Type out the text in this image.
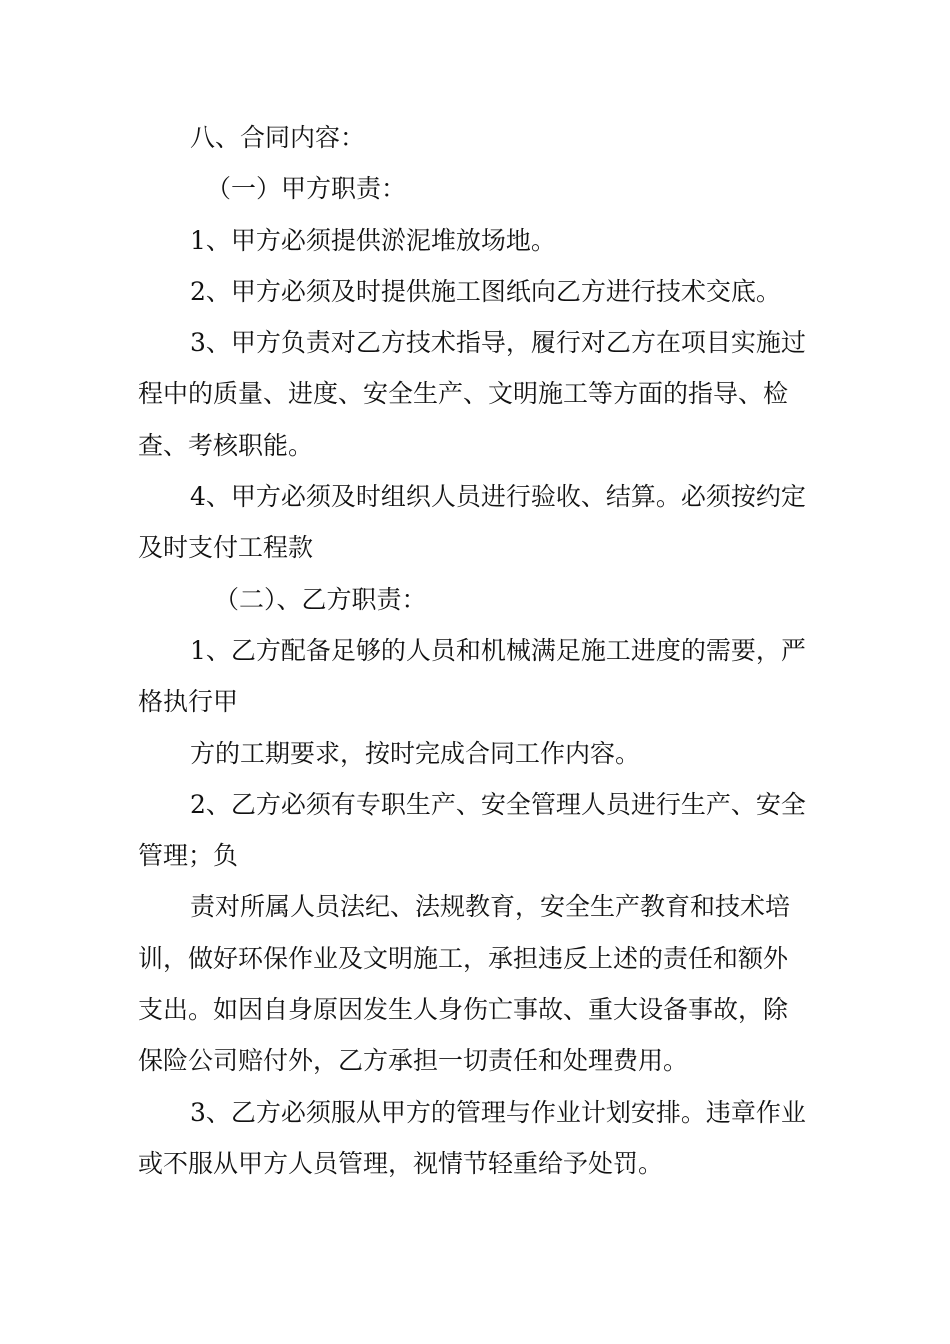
八、合同内容：
（一）甲方职责：
1、甲方必须提供淤泥堆放场地。
2、甲方必须及时提供施工图纸向乙方进行技术交底。
3、甲方负责对乙方技术指导，履行对乙方在项目实施过
程中的质量、进度、安全生产、文明施工等方面的指导、检
查、考核职能。
4、甲方必须及时组织人员进行验收、结算。必须按约定
及时支付工程款
（二）、乙方职责：
1、乙方配备足够的人员和机械满足施工进度的需要，严
格执行甲
方的工期要求，按时完成合同工作内容。
2、乙方必须有专职生产、安全管理人员进行生产、安全
管理；负
责对所属人员法纪、法规教育，安全生产教育和技术培
训，做好环保作业及文明施工，承担违反上述的责任和额外
支出。如因自身原因发生人身伤亡事故、重大设备事故，除
保险公司赔付外，乙方承担一切责任和处理费用。
3、乙方必须服从甲方的管理与作业计划安排。违章作业
或不服从甲方人员管理，视情节轻重给予处罚。
